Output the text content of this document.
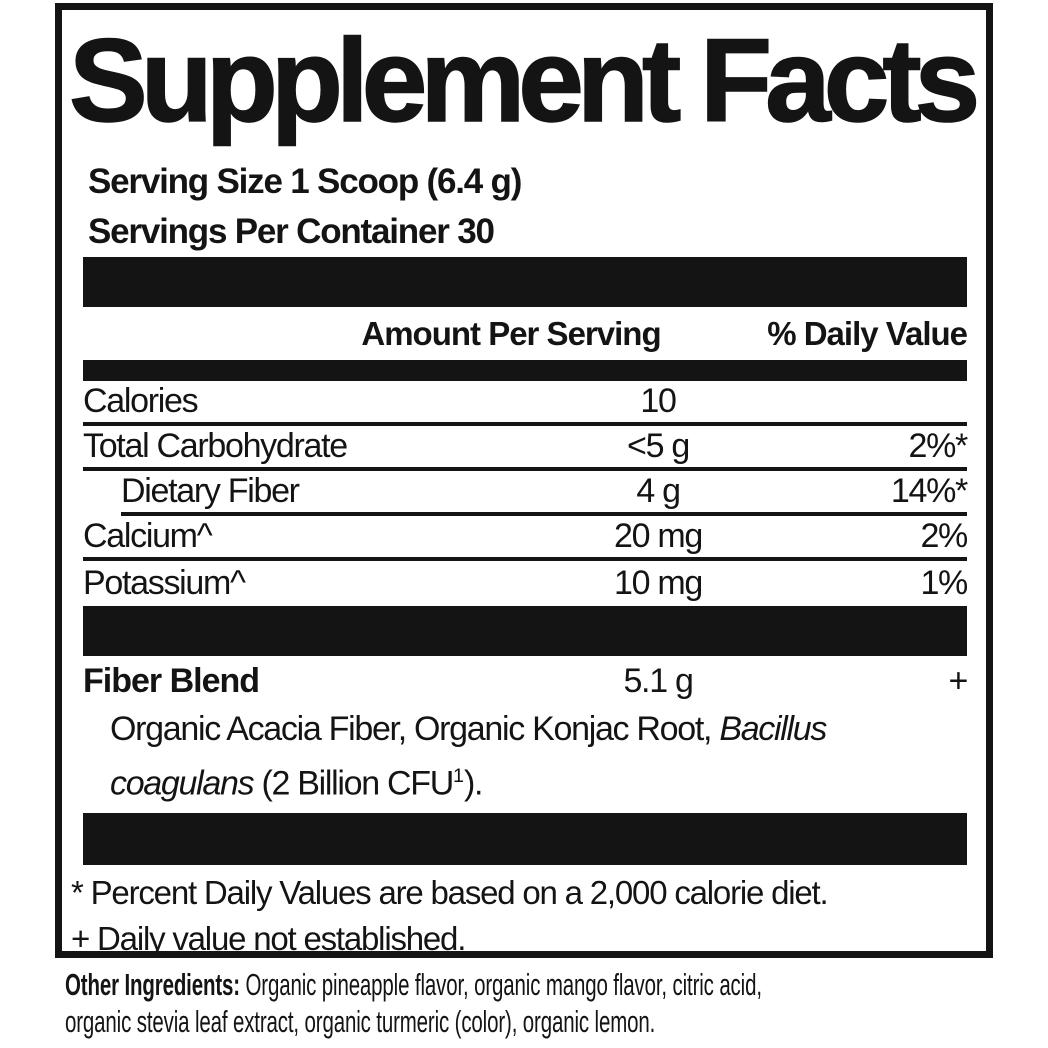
Supplement Facts

Serving Size 1 Scoop (6.4 g)

Servings Per Container 30

Amount Per Serving	% Daily Value
Calories	10
Total Carbohydrate	<5 g	2%*
Dietary Fiber	4 g	14%*
Calcium^	20 mg	2%
Potassium^	10 mg	1%
Fiber Blend	5.1 g	+

Organic Acacia Fiber, Organic Konjac Root, Bacillus
coagulans (2 Billion CFU$^1$).

* Percent Daily Values are based on a 2,000 calorie diet.

+ Daily value not established.

Other Ingredients: Organic pineapple flavor, organic mango flavor, citric acid,
organic stevia leaf extract, organic turmeric (color), organic lemon.
